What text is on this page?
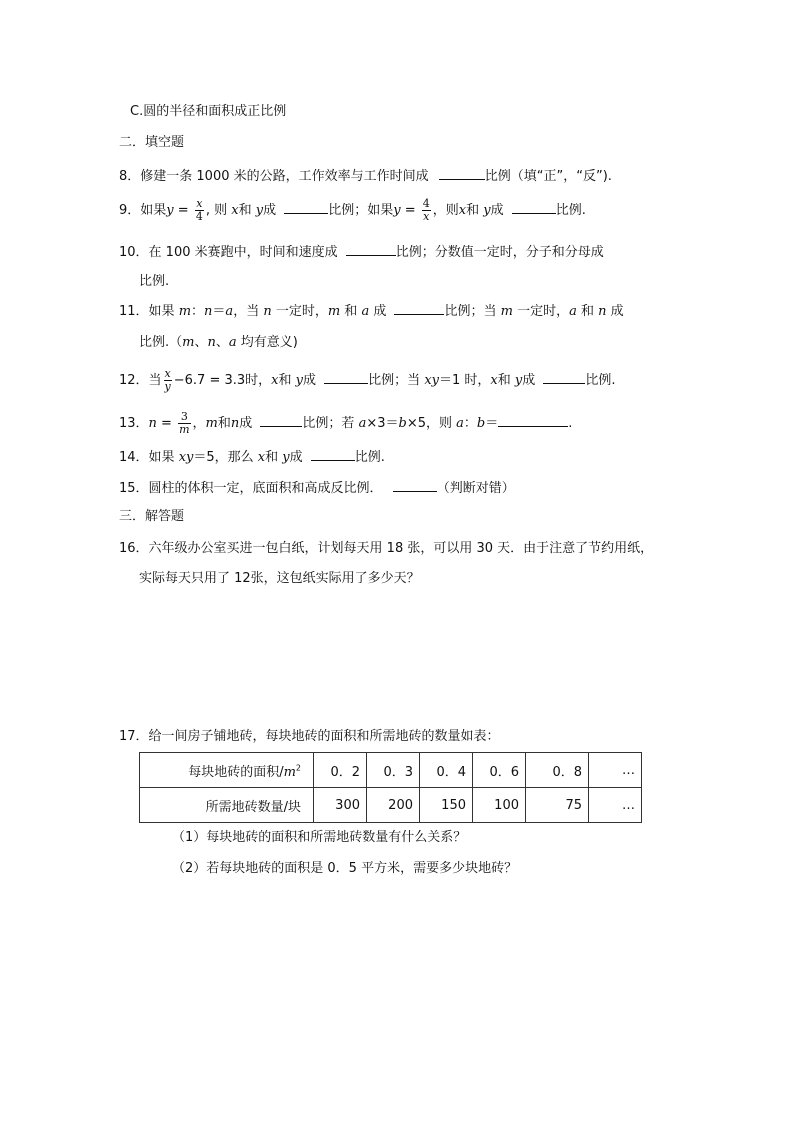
C.圆的半径和面积成正比例
二．填空题
8．修建一条 1000 米的公路，工作效率与工作时间成	比例（填“正”，“反”).
9．如果$y = \frac{x}{4}$ , 则 x和 y成	比例；如果$y = \frac{4}{x}$ ，则x和 y成	比例.
10．在 100 米赛跑中，时间和速度成	比例；分数值一定时，分子和分母成
比例.
11．如果 m：n＝a，当 n 一定时，m 和 a 成	比例；当 m 一定时，a 和 n 成
比例.（m、n、a 均有意义)
12．当 $\frac{x}{y} -6.7 = 3.3$时，x和 y成	比例；当 xy＝1 时，x和 y成	比例.
13．$n = \frac{3}{m}$ ，m和n成	比例；若 a×3＝b×5，则 a：b＝	.
14．如果 xy＝5，那么 x和 y成	比例.
15．圆柱的体积一定，底面积和高成反比例．	（判断对错）
三．解答题
16．六年级办公室买进一包白纸，计划每天用 18 张，可以用 30 天．由于注意了节约用纸，
实际每天只用了 12张，这包纸实际用了多少天？
17．给一间房子铺地砖，每块地砖的面积和所需地砖的数量如表：
每块地砖的面积$/m^2$	0．2	0．3	0．4	0．6	0．8	…
所需地砖数量/块	300	200	150	100	75	…
（1）每块地砖的面积和所需地砖数量有什么关系？
（2）若每块地砖的面积是 0．5 平方米，需要多少块地砖？
